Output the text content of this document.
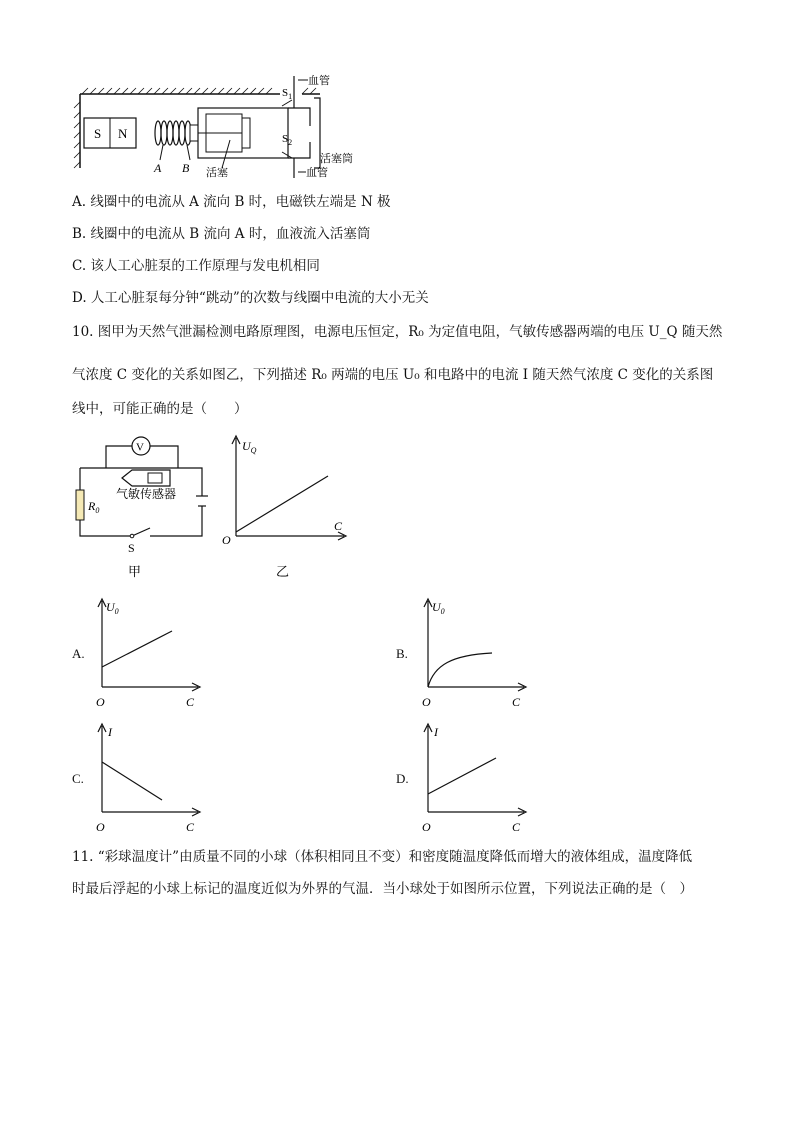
S N
A B
$S_1$
$S_2$
血管
活塞筒
血管
活塞
A. 线圈中的电流从 A 流向 B 时，电磁铁左端是 N 极
B. 线圈中的电流从 B 流向 A 时，血液流入活塞筒
C. 该人工心脏泵的工作原理与发电机相同
D. 人工心脏泵每分钟“跳动”的次数与线圈中电流的大小无关
10. 图甲为天然气泄漏检测电路原理图，电源电压恒定，R₀ 为定值电阻，气敏传感器两端的电压 U_Q 随天然
气浓度 C 变化的关系如图乙，下列描述 R₀ 两端的电压 U₀ 和电路中的电流 I 随天然气浓度 C 变化的关系图
线中，可能正确的是（　　）
V
气敏传感器
$R_0$
S
甲
$U_Q$
C
O
乙
A.
$U_0$
C
O
B.
$U_0$
C
O
C.
I
C
O
D.
I
C
O
11. “彩球温度计”由质量不同的小球（体积相同且不变）和密度随温度降低而增大的液体组成，温度降低
时最后浮起的小球上标记的温度近似为外界的气温．当小球处于如图所示位置，下列说法正确的是（　）
